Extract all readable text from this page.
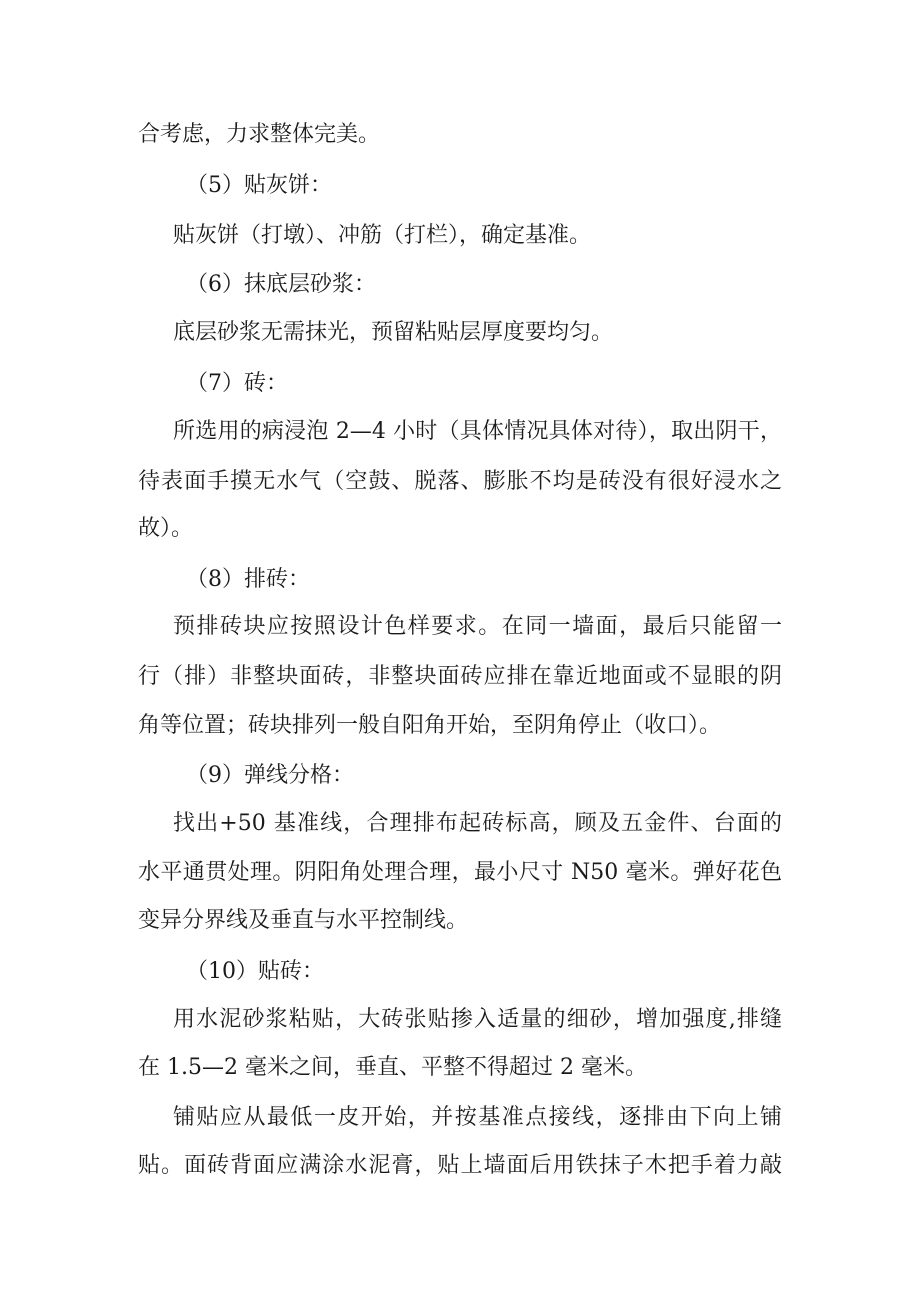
合考虑，力求整体完美。

（5）贴灰饼：

贴灰饼（打墩）、冲筋（打栏），确定基准。

（6）抹底层砂浆：

底层砂浆无需抹光，预留粘贴层厚度要均匀。

（7）砖：

所选用的病浸泡 2—4 小时（具体情况具体对待），取出阴干，

待表面手摸无水气（空鼓、脱落、膨胀不均是砖没有很好浸水之

故）。

（8）排砖：

预排砖块应按照设计色样要求。在同一墙面，最后只能留一

行（排）非整块面砖，非整块面砖应排在靠近地面或不显眼的阴

角等位置；砖块排列一般自阳角开始，至阴角停止（收口）。

（9）弹线分格：

找出+50 基准线，合理排布起砖标高，顾及五金件、台面的

水平通贯处理。阴阳角处理合理，最小尺寸 N50 毫米。弹好花色

变异分界线及垂直与水平控制线。

（10）贴砖：

用水泥砂浆粘贴，大砖张贴掺入适量的细砂，增加强度,排缝

在 1.5—2 毫米之间，垂直、平整不得超过 2 毫米。

铺贴应从最低一皮开始，并按基准点接线，逐排由下向上铺

贴。面砖背面应满涂水泥膏，贴上墙面后用铁抹子木把手着力敲
